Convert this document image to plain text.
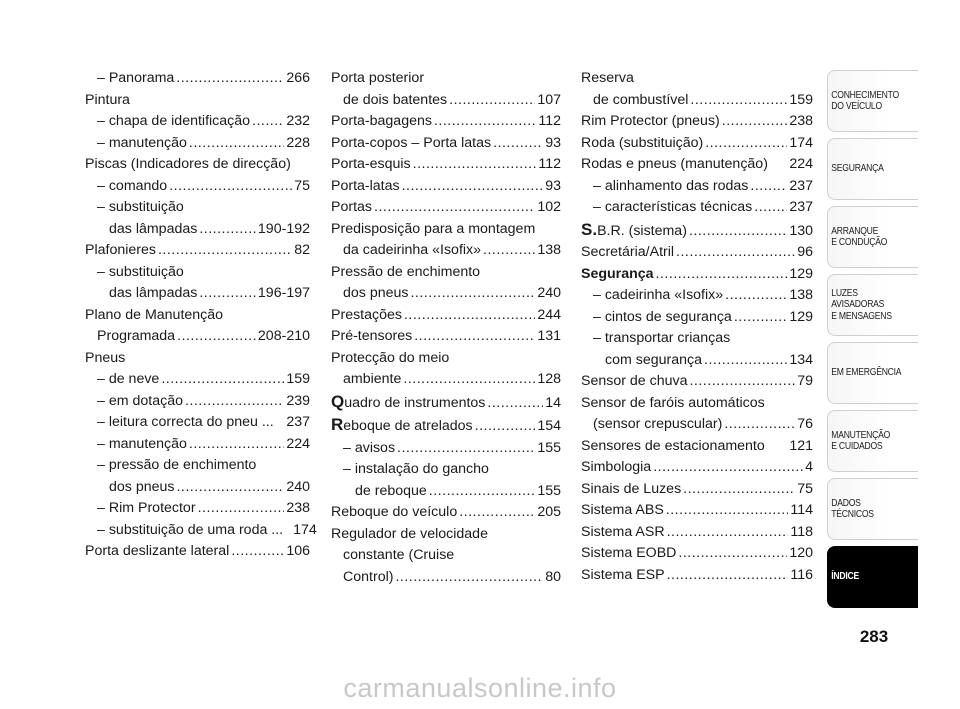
– Panorama .....	266
Pintura
– chapa de identificação .....	232
– manutenção .....	228
Piscas (Indicadores de direcção)
– comando .....	75
– substituição
das lâmpadas .....	190-192
Plafonieres .....	82
– substituição
das lâmpadas .....	196-197
Plano de Manutenção
Programada .....	208-210
Pneus
– de neve .....	159
– em dotação .....	239
– leitura correcta do pneu ... 237
– manutenção .....	224
– pressão de enchimento
dos pneus .....	240
– Rim Protector .....	238
– substituição de uma roda ... 174
Porta deslizante lateral .....	106
Porta posterior
de dois batentes .....	107
Porta-bagagens .....	112
Porta-copos – Porta latas .....	93
Porta-esquis .....	112
Porta-latas .....	93
Portas .....	102
Predisposição para a montagem
da cadeirinha «Isofix» .....	138
Pressão de enchimento
dos pneus .....	240
Prestações .....	244
Pré-tensores .....	131
Protecção do meio
ambiente .....	128
Quadro de instrumentos .....	14
Reboque de atrelados .....	154
– avisos .....	155
– instalação do gancho
de reboque .....	155
Reboque do veículo .....	205
Regulador de velocidade
constante (Cruise
Control) .....	80
Reserva
de combustível .....	159
Rim Protector (pneus) .....	238
Roda (substituição) .....	174
Rodas e pneus (manutenção) 224
– alinhamento das rodas .....	237
– características técnicas .....	237
S.B.R. (sistema) .....	130
Secretária/Atril .....	96
Segurança .....	129
– cadeirinha «Isofix» .....	138
– cintos de segurança .....	129
– transportar crianças
com segurança .....	134
Sensor de chuva .....	79
Sensor de faróis automáticos
(sensor crepuscular) .....	76
Sensores de estacionamento 121
Simbologia .....	4
Sinais de Luzes .....	75
Sistema ABS .....	114
Sistema ASR .....	118
Sistema EOBD .....	120
Sistema ESP .....	116
CONHECIMENTO
DO VEÍCULO
SEGURANÇA
ARRANQUE
E CONDUÇÃO
LUZES
AVISADORAS
E MENSAGENS
EM EMERGÊNCIA
MANUTENÇÃO
E CUIDADOS
DADOS
TÉCNICOS
ÍNDICE
283
carmanualsonline.info
